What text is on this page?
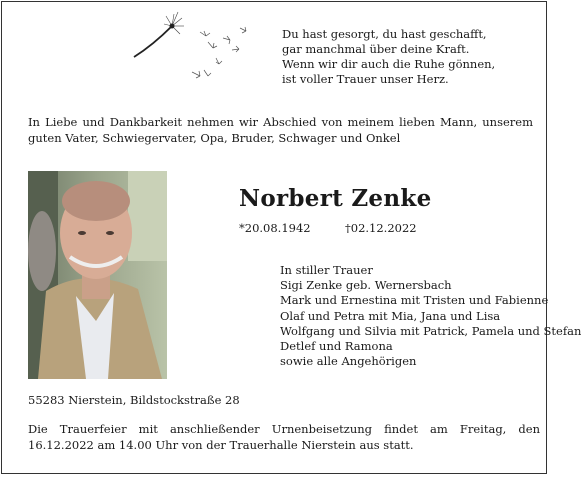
Du hast gesorgt, du hast geschafft,
gar manchmal über deine Kraft.
Wenn wir dir auch die Ruhe gönnen,
ist voller Trauer unser Herz.
In Liebe und Dankbarkeit nehmen wir Abschied von meinem lieben Mann, unserem guten Vater, Schwiegervater, Opa, Bruder, Schwager und Onkel
Norbert Zenke
*20.08.1942	†02.12.2022
In stiller Trauer
Sigi Zenke geb. Wernersbach
Mark und Ernestina mit Tristen und Fabienne
Olaf und Petra mit Mia, Jana und Lisa
Wolfgang und Silvia mit Patrick, Pamela und Stefan
Detlef und Ramona
sowie alle Angehörigen
55283 Nierstein, Bildstockstraße 28
Die Trauerfeier mit anschließender Urnenbeisetzung findet am Freitag, den 16.12.2022 am 14.00 Uhr von der Trauerhalle Nierstein aus statt.
